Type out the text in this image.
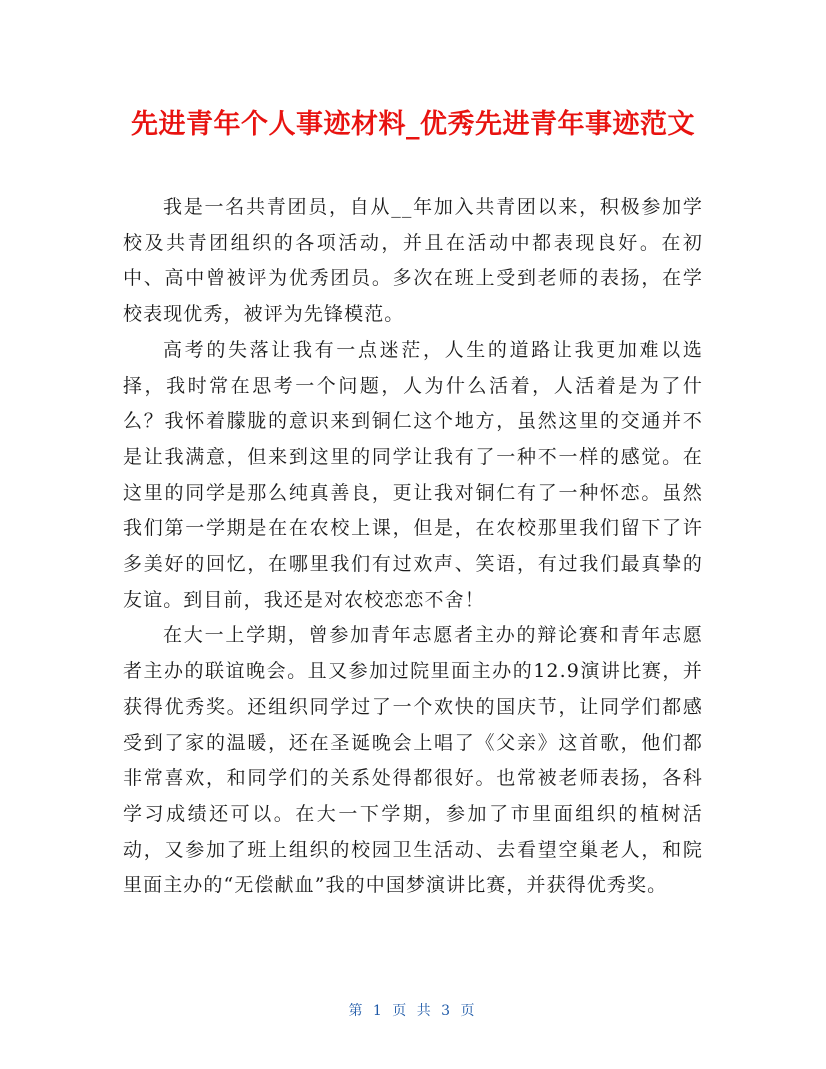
先进青年个人事迹材料_优秀先进青年事迹范文

我是一名共青团员，自从__年加入共青团以来，积极参加学校及共青团组织的各项活动，并且在活动中都表现良好。在初中、高中曾被评为优秀团员。多次在班上受到老师的表扬，在学校表现优秀，被评为先锋模范。

高考的失落让我有一点迷茫，人生的道路让我更加难以选择，我时常在思考一个问题，人为什么活着，人活着是为了什么？我怀着朦胧的意识来到铜仁这个地方，虽然这里的交通并不是让我满意，但来到这里的同学让我有了一种不一样的感觉。在这里的同学是那么纯真善良，更让我对铜仁有了一种怀恋。虽然我们第一学期是在在农校上课，但是，在农校那里我们留下了许多美好的回忆，在哪里我们有过欢声、笑语，有过我们最真挚的友谊。到目前，我还是对农校恋恋不舍！

在大一上学期，曾参加青年志愿者主办的辩论赛和青年志愿者主办的联谊晚会。且又参加过院里面主办的12.9演讲比赛，并获得优秀奖。还组织同学过了一个欢快的国庆节，让同学们都感受到了家的温暖，还在圣诞晚会上唱了《父亲》这首歌，他们都非常喜欢，和同学们的关系处得都很好。也常被老师表扬，各科学习成绩还可以。在大一下学期，参加了市里面组织的植树活动，又参加了班上组织的校园卫生活动、去看望空巢老人，和院里面主办的“无偿献血”我的中国梦演讲比赛，并获得优秀奖。

第 1 页 共 3 页
